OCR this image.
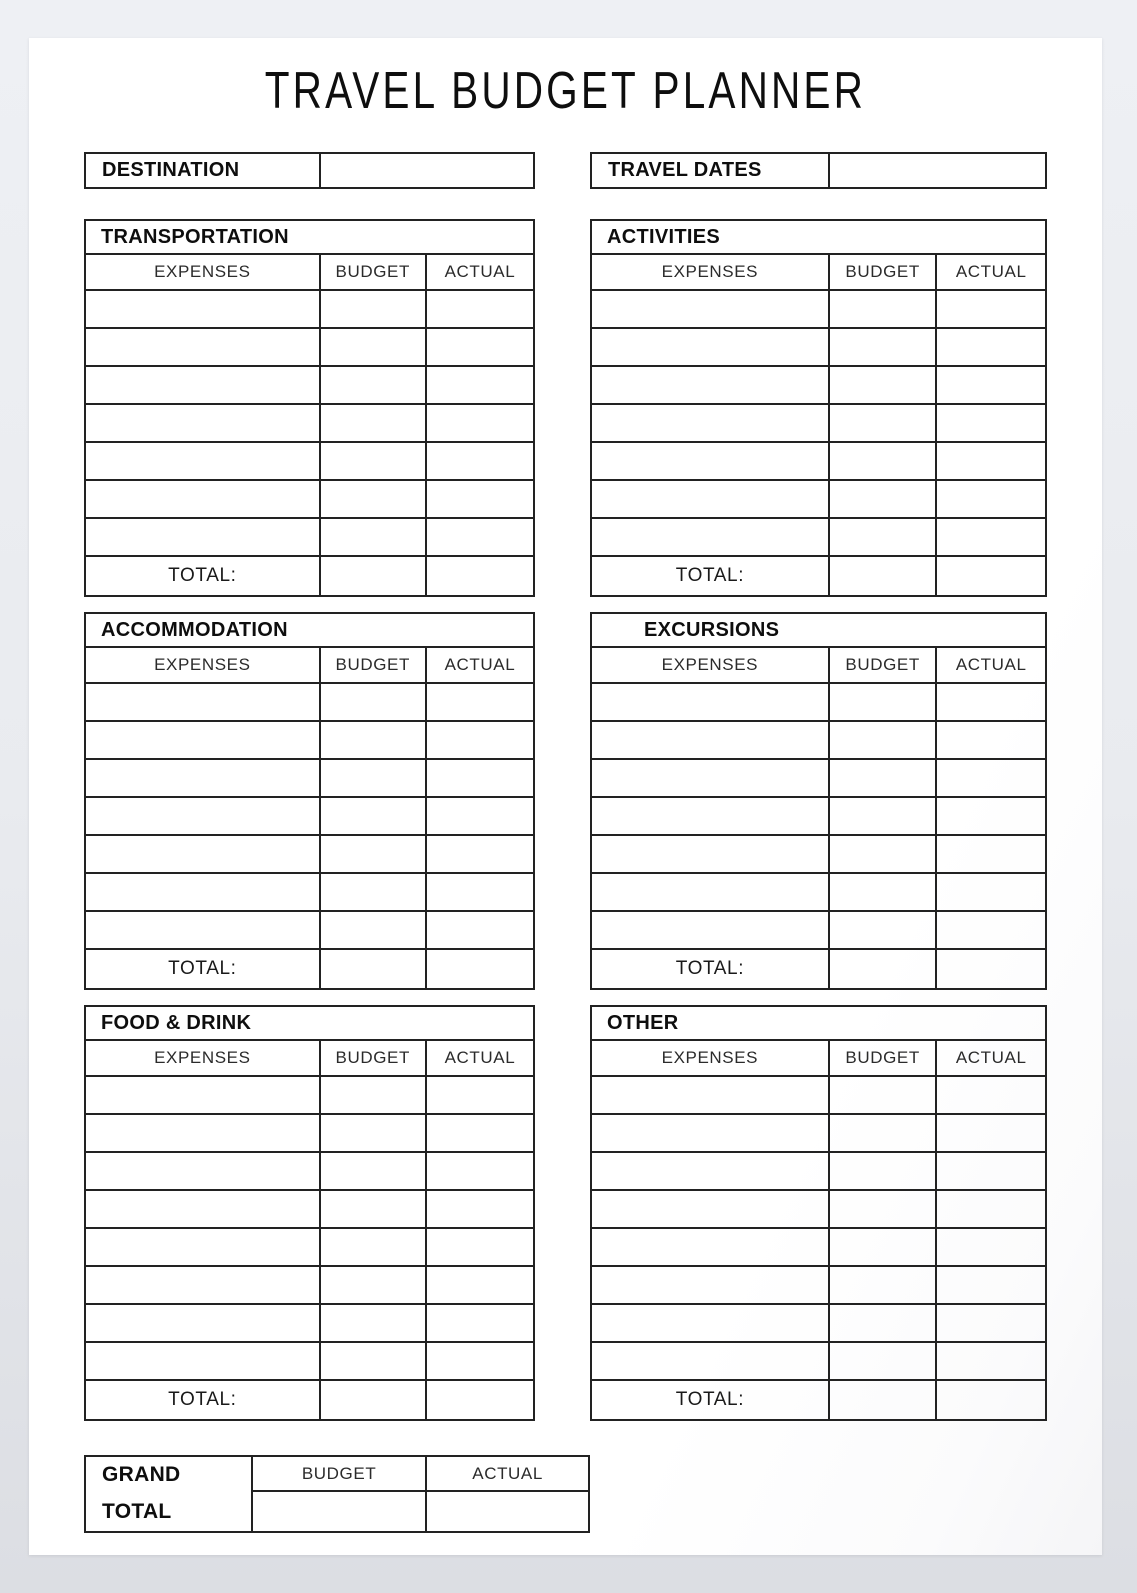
TRAVEL BUDGET PLANNER
DESTINATION
TRANSPORTATION
EXPENSES	BUDGET	ACTUAL
TOTAL:
ACCOMMODATION
EXPENSES	BUDGET	ACTUAL
TOTAL:
FOOD & DRINK
EXPENSES	BUDGET	ACTUAL
TOTAL:
GRAND
TOTAL
BUDGET	ACTUAL
TRAVEL DATES
ACTIVITIES
EXPENSES	BUDGET	ACTUAL
TOTAL:
EXCURSIONS
EXPENSES	BUDGET	ACTUAL
TOTAL:
OTHER
EXPENSES	BUDGET	ACTUAL
TOTAL:
